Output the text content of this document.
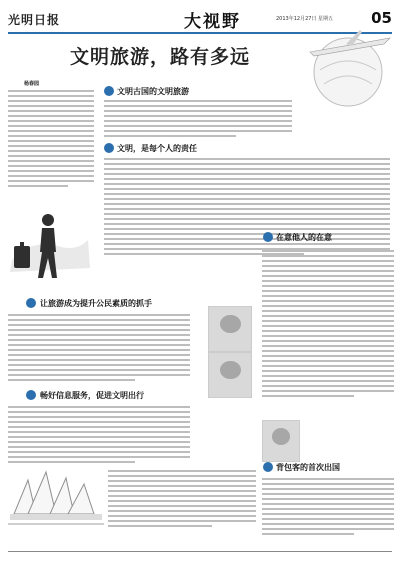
光明日报	大视野	2013年12月27日 星期五	05
文明旅游，路有多远
杨春园
文明古国的文明旅游
文明，是每个人的责任
在意他人的在意
让旅游成为提升公民素质的抓手
畅好信息服务，促进文明出行
背包客的首次出国
